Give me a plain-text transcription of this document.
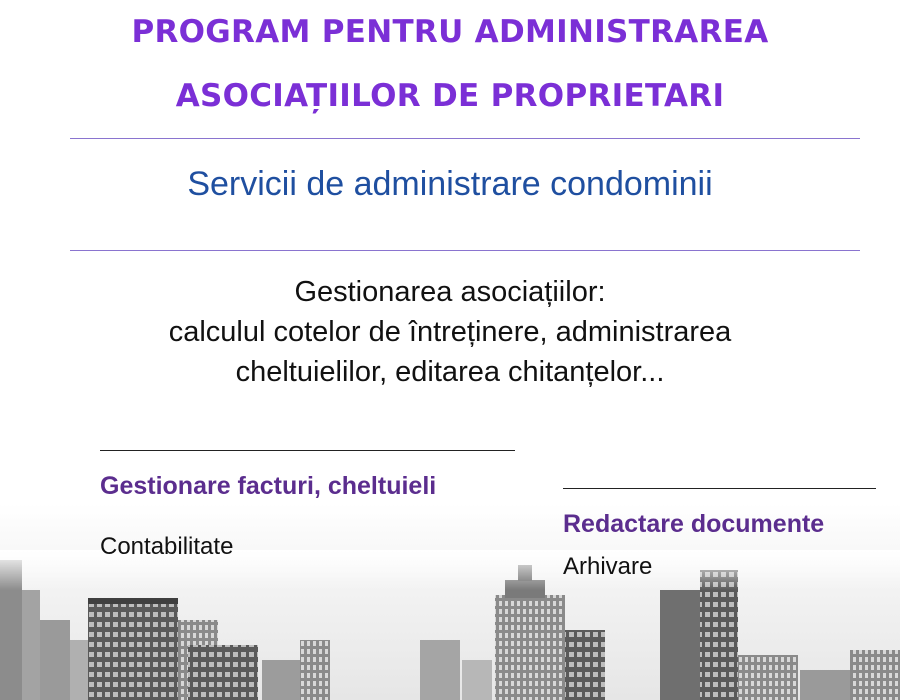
PROGRAM PENTRU ADMINISTRAREA
ASOCIAȚIILOR DE PROPRIETARI
Servicii de administrare condominii
Gestionarea asociațiilor:
calculul cotelor de întreținere, administrarea
cheltuielilor, editarea chitanțelor...
Gestionare facturi, cheltuieli
Contabilitate
Redactare documente
Arhivare
